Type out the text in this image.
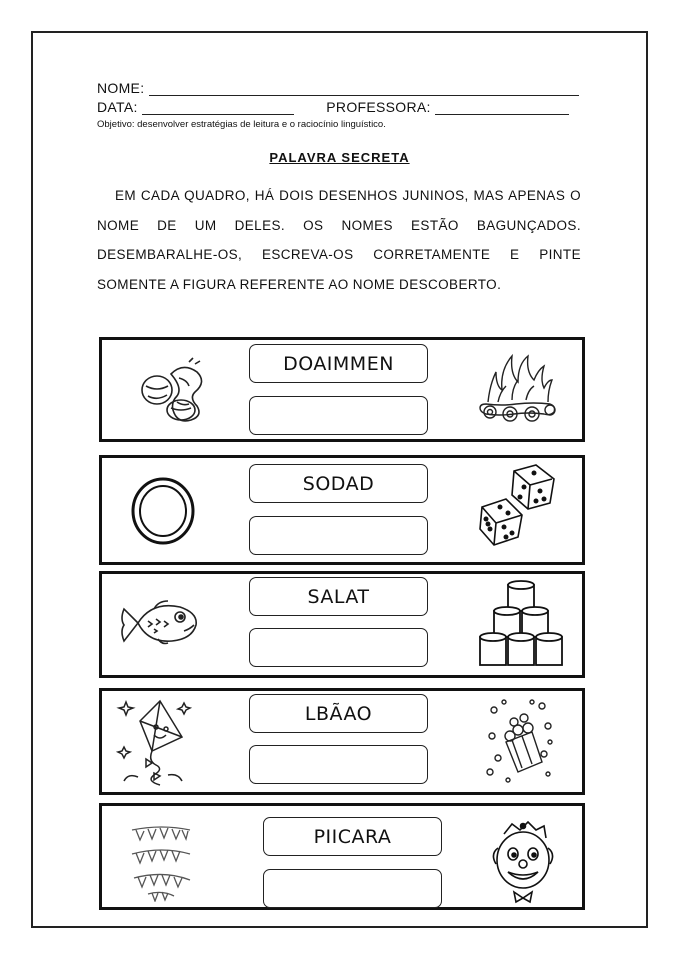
NOME:
DATA:	PROFESSORA:
Objetivo: desenvolver estratégias de leitura e o raciocínio linguístico.
PALAVRA SECRETA
EM CADA QUADRO, HÁ DOIS DESENHOS JUNINOS, MAS APENAS O NOME DE UM DELES. OS NOMES ESTÃO BAGUNÇADOS. DESEMBARALHE-OS, ESCREVA-OS CORRETAMENTE E PINTE SOMENTE A FIGURA REFERENTE AO NOME DESCOBERTO.
DOAIMMEN
SODAD
SALAT
LBÃAO
PIICARA
